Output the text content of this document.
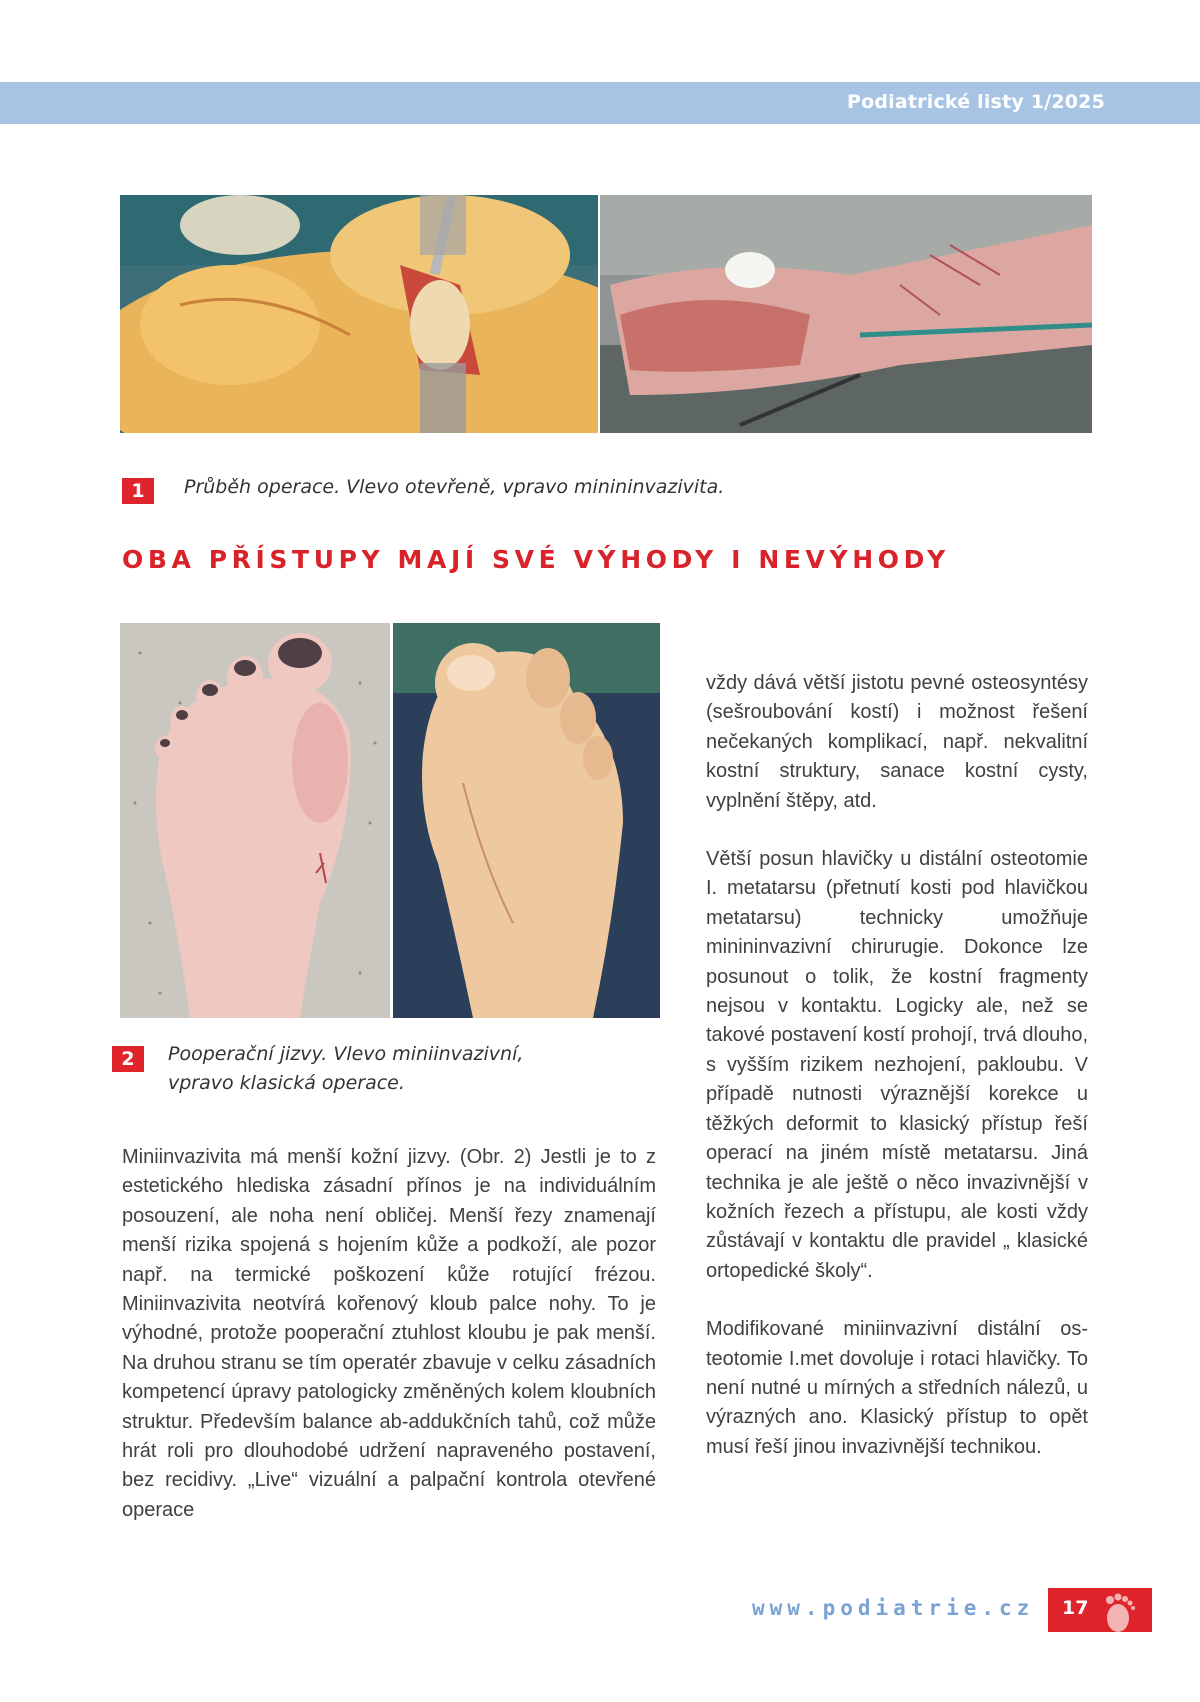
Podiatrické listy 1/2025
1	Průběh operace. Vlevo otevřeně, vpravo minininvazivita.
OBA PŘÍSTUPY MAJÍ SVÉ VÝHODY I NEVÝHODY
2	Pooperační jizvy. Vlevo miniinvazivní,
vpravo klasická operace.

Miniinvazivita má menší kožní jizvy. (Obr. 2) Jestli je to z estetického hlediska zásadní přínos je na individuálním posouzení, ale noha není obličej. Menší řezy znamenají menší rizika spojená s hojením kůže a podkoží, ale pozor např. na termické poškození kůže rotující frézou. Miniinvazivita neotvírá kořenový kloub palce nohy. To je výhodné, protože pooperační ztuhlost kloubu je pak menší. Na druhou stranu se tím operatér zbavuje v celku zásadních kompetencí úpravy patologicky změněných kolem kloubních struktur. Především balance ab-addukčních tahů, což může hrát roli pro dlouhodobé udržení napraveného postavení, bez recidivy. „Live“ vizuální a palpační kontrola otevřené operace

vždy dává větší jistotu pevné osteosyntésy (sešroubování kostí) i možnost řešení nečekaných komplikací, např. nekvalitní kostní struktury, sanace kostní cysty, vyplnění štěpy, atd.

Větší posun hlavičky u distální osteotomie I. metatarsu (přetnutí kosti pod hlavičkou metatarsu) technicky umožňuje minininvazivní chirurugie. Dokonce lze posunout o tolik, že kostní fragmenty nejsou v kontaktu. Logicky ale, než se takové postavení kostí prohojí, trvá dlouho, s vyšším rizikem nezhojení, pakloubu. V případě nutnosti výraznější korekce u těžkých deformit to klasický přístup řeší operací na jiném místě metatarsu. Jiná technika je ale ještě o něco invazivnější v kožních řezech a přístupu, ale kosti vždy zůstávají v kontaktu dle pravidel „ klasické ortopedické školy“.

Modifikované miniinvazivní distální osteotomie I.met dovoluje i rotaci hlavičky. To není nutné u mírných a středních nálezů, u výrazných ano. Klasický přístup to opět musí řeší jinou invazivnější technikou.

www.podiatrie.cz 17
